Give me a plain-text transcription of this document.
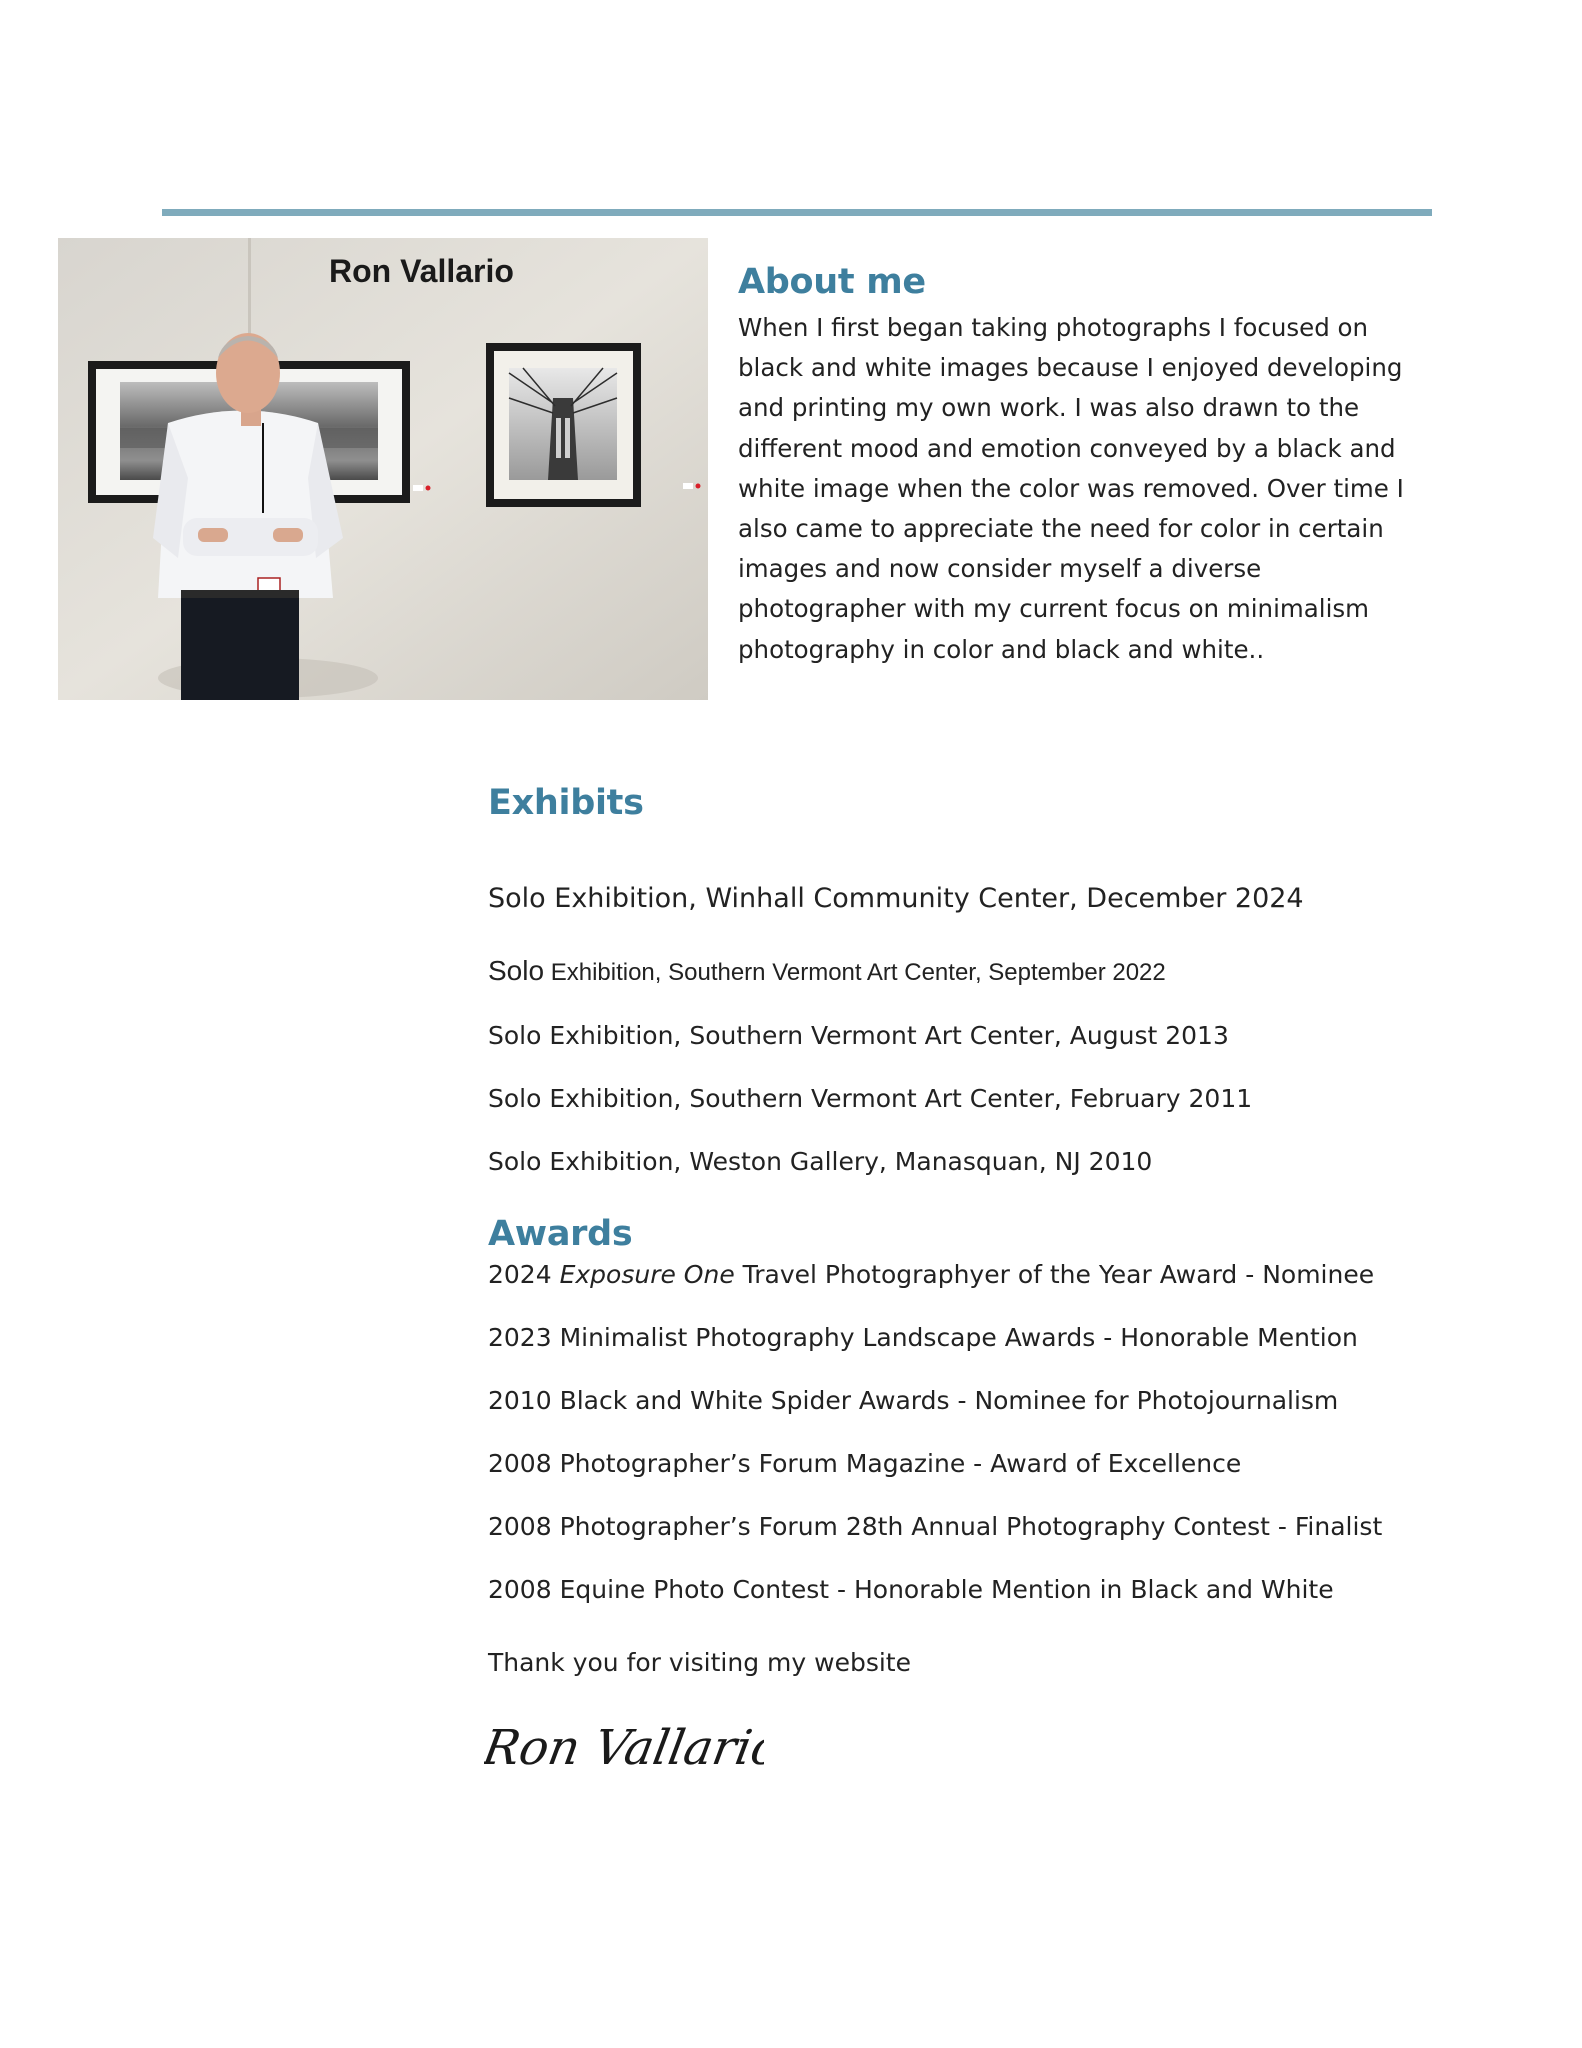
Ron Vallario	About me

When I first began taking photographs I focused on black and white images because I enjoyed developing and printing my own work. I was also drawn to the different mood and emotion conveyed by a black and white image when the color was removed. Over time I also came to appreciate the need for color in certain images and now consider myself a diverse photographer with my current focus on minimalism photography in color and black and white..

Exhibits
Solo Exhibition, Winhall Community Center, December 2024
Solo Exhibition, Southern Vermont Art Center, September 2022
Solo Exhibition, Southern Vermont Art Center, August 2013
Solo Exhibition, Southern Vermont Art Center, February 2011
Solo Exhibition, Weston Gallery, Manasquan, NJ 2010
Awards
2024 Exposure One Travel Photographyer of the Year Award - Nominee
2023 Minimalist Photography Landscape Awards - Honorable Mention
2010 Black and White Spider Awards - Nominee for Photojournalism
2008 Photographer’s Forum Magazine - Award of Excellence
2008 Photographer’s Forum 28th Annual Photography Contest - Finalist
2008 Equine Photo Contest - Honorable Mention in Black and White
Thank you for visiting my website
Ron Vallario
